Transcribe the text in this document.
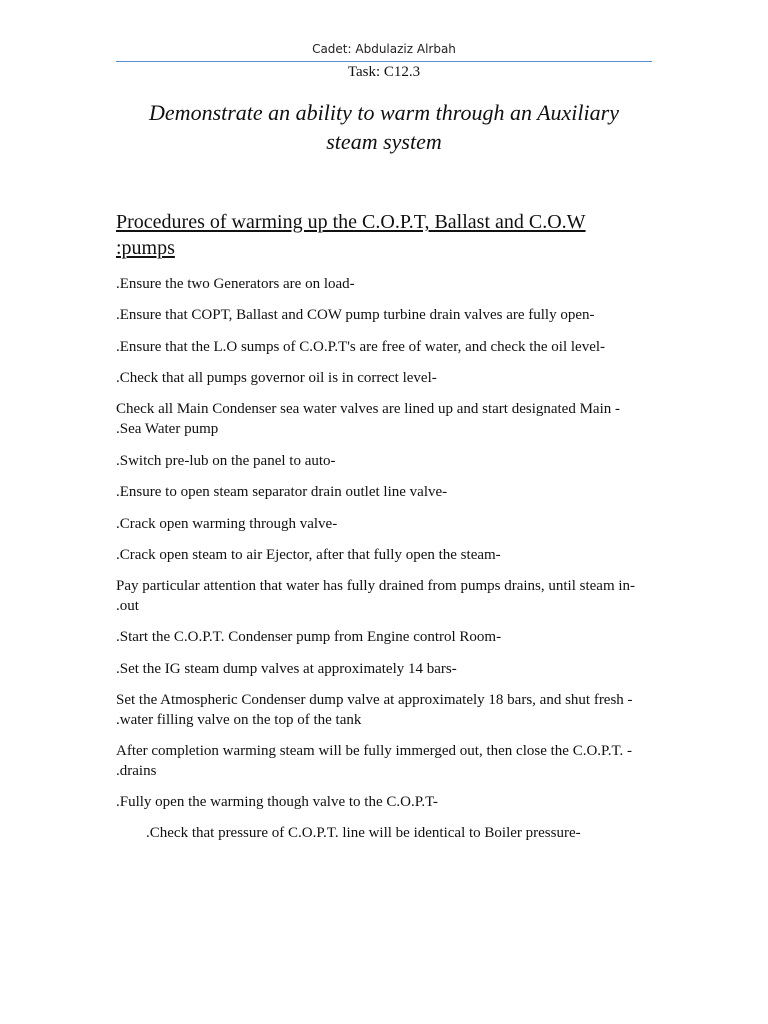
Cadet: Abdulaziz Alrbah
Task: C12.3
Demonstrate an ability to warm through an Auxiliary
steam system
Procedures of warming up the C.O.P.T, Ballast and C.O.W
:pumps
.Ensure the two Generators are on load-
.Ensure that COPT, Ballast and COW pump turbine drain valves are fully open-
.Ensure that the L.O sumps of C.O.P.T's are free of water, and check the oil level-
.Check that all pumps governor oil is in correct level-
Check all Main Condenser sea water valves are lined up and start designated Main -
.Sea Water pump
.Switch pre-lub on the panel to auto-
.Ensure to open steam separator drain outlet line valve-
.Crack open warming through valve-
.Crack open steam to air Ejector, after that fully open the steam-
Pay particular attention that water has fully drained from pumps drains, until steam in-
.out
.Start the C.O.P.T. Condenser pump from Engine control Room-
.Set the IG steam dump valves at approximately 14 bars-
Set the Atmospheric Condenser dump valve at approximately 18 bars, and shut fresh -
.water filling valve on the top of the tank
After completion warming steam will be fully immerged out, then close the C.O.P.T. -
.drains
.Fully open the warming though valve to the C.O.P.T-
.Check that pressure of C.O.P.T. line will be identical to Boiler pressure-
